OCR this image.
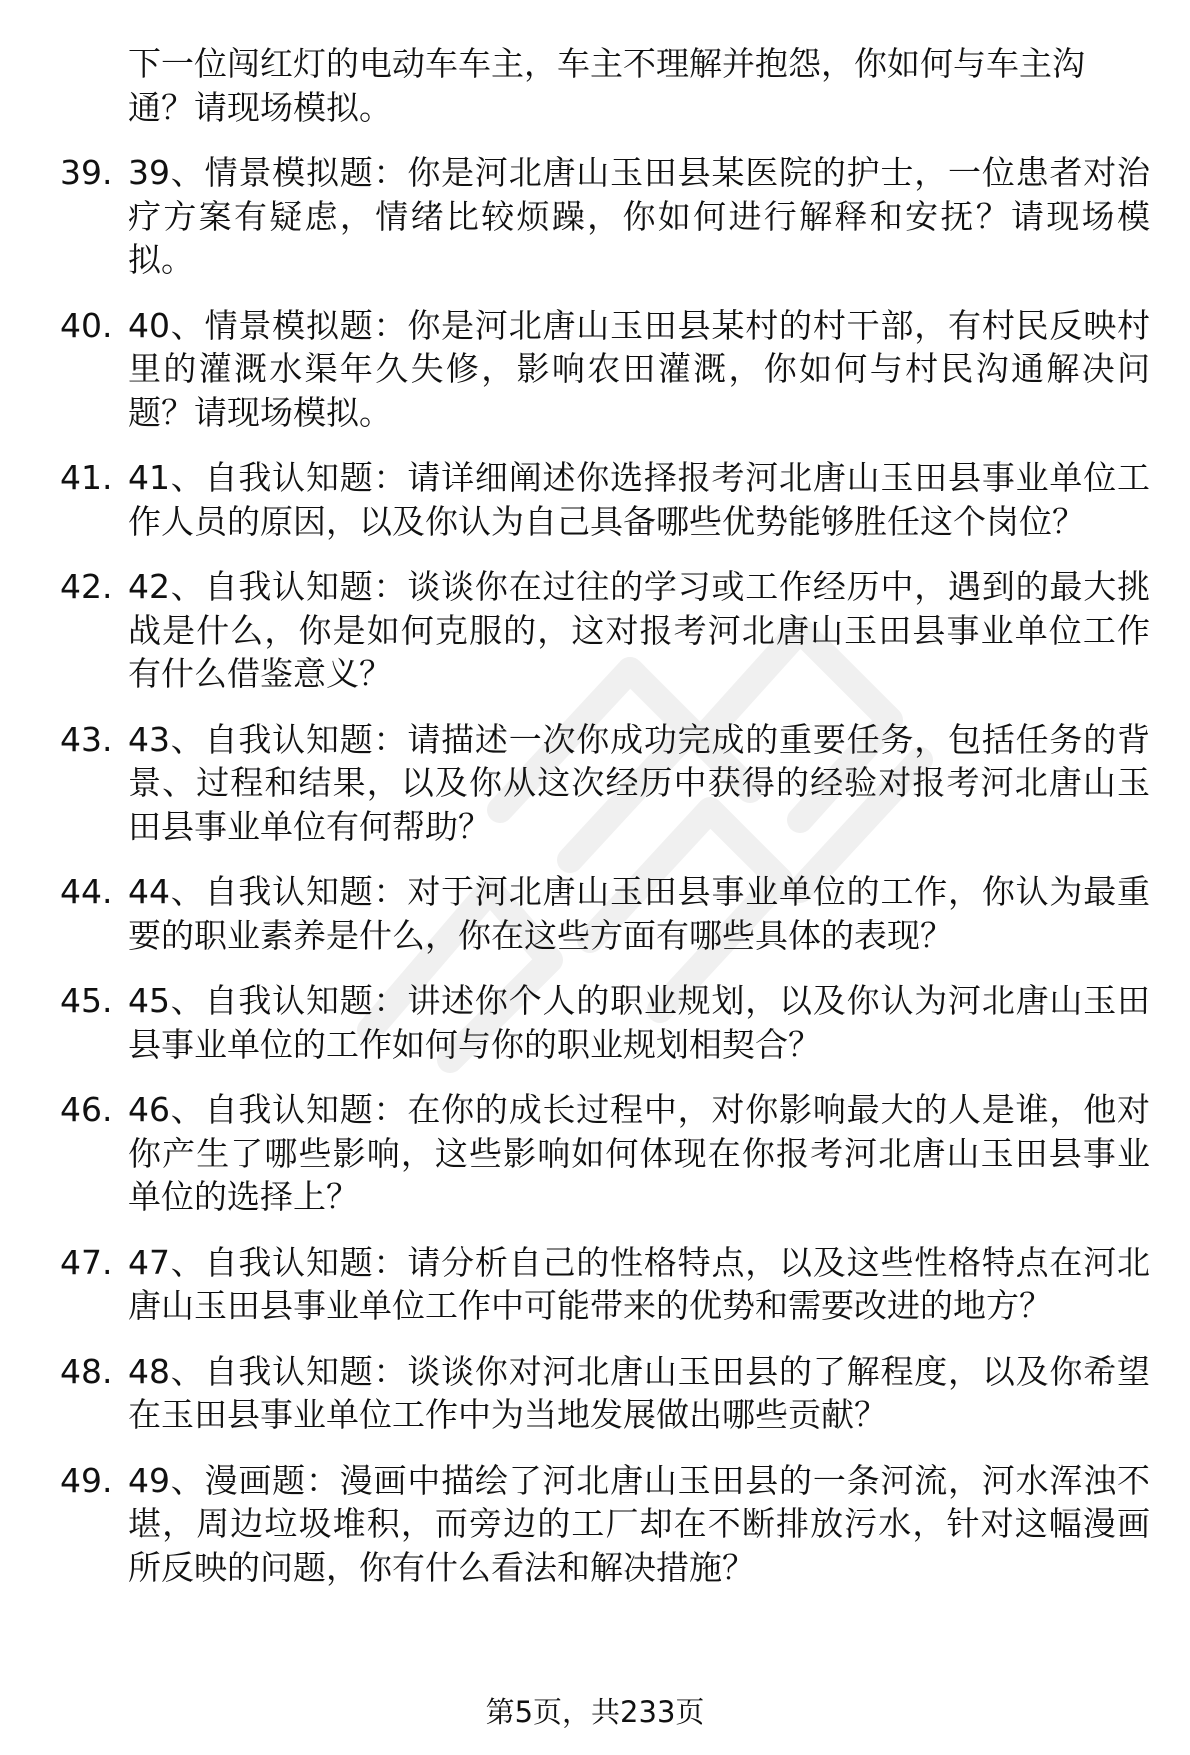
下一位闯红灯的电动车车主，车主不理解并抱怨，你如何与车主沟通？请现场模拟。
39. 39、情景模拟题：你是河北唐山玉田县某医院的护士，一位患者对治疗方案有疑虑，情绪比较烦躁，你如何进行解释和安抚？请现场模拟。
40. 40、情景模拟题：你是河北唐山玉田县某村的村干部，有村民反映村里的灌溉水渠年久失修，影响农田灌溉，你如何与村民沟通解决问题？请现场模拟。
41. 41、自我认知题：请详细阐述你选择报考河北唐山玉田县事业单位工作人员的原因，以及你认为自己具备哪些优势能够胜任这个岗位？
42. 42、自我认知题：谈谈你在过往的学习或工作经历中，遇到的最大挑战是什么，你是如何克服的，这对报考河北唐山玉田县事业单位工作有什么借鉴意义？
43. 43、自我认知题：请描述一次你成功完成的重要任务，包括任务的背景、过程和结果，以及你从这次经历中获得的经验对报考河北唐山玉田县事业单位有何帮助？
44. 44、自我认知题：对于河北唐山玉田县事业单位的工作，你认为最重要的职业素养是什么，你在这些方面有哪些具体的表现？
45. 45、自我认知题：讲述你个人的职业规划，以及你认为河北唐山玉田县事业单位的工作如何与你的职业规划相契合？
46. 46、自我认知题：在你的成长过程中，对你影响最大的人是谁，他对你产生了哪些影响，这些影响如何体现在你报考河北唐山玉田县事业单位的选择上？
47. 47、自我认知题：请分析自己的性格特点，以及这些性格特点在河北唐山玉田县事业单位工作中可能带来的优势和需要改进的地方？
48. 48、自我认知题：谈谈你对河北唐山玉田县的了解程度，以及你希望在玉田县事业单位工作中为当地发展做出哪些贡献？
49. 49、漫画题：漫画中描绘了河北唐山玉田县的一条河流，河水浑浊不堪，周边垃圾堆积，而旁边的工厂却在不断排放污水，针对这幅漫画所反映的问题，你有什么看法和解决措施？
第5页，共233页
